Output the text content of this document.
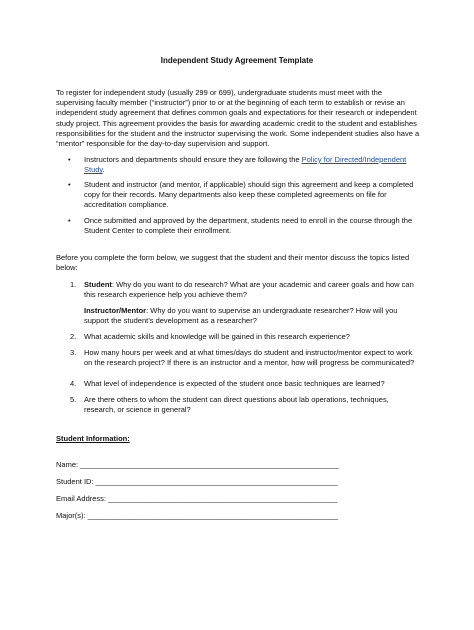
Independent Study Agreement Template

To register for independent study (usually 299 or 699), undergraduate students must meet with the supervising faculty member (“instructor”) prior to or at the beginning of each term to establish or revise an independent study agreement that defines common goals and expectations for their research or independent study project. This agreement provides the basis for awarding academic credit to the student and establishes responsibilities for the student and the instructor supervising the work. Some independent studies also have a “mentor” responsible for the day-to-day supervision and support.

• Instructors and departments should ensure they are following the Policy for Directed/Independent Study.
• Student and instructor (and mentor, if applicable) should sign this agreement and keep a completed copy for their records. Many departments also keep these completed agreements on file for accreditation compliance.
• Once submitted and approved by the department, students need to enroll in the course through the Student Center to complete their enrollment.

Before you complete the form below, we suggest that the student and their mentor discuss the topics listed below:

1. Student: Why do you want to do research? What are your academic and career goals and how can this research experience help you achieve them?
Instructor/Mentor: Why do you want to supervise an undergraduate researcher? How will you support the student’s development as a researcher?
2. What academic skills and knowledge will be gained in this research experience?
3. How many hours per week and at what times/days do student and instructor/mentor expect to work on the research project? If there is an instructor and a mentor, how will progress be communicated?
4. What level of independence is expected of the student once basic techniques are learned?
5. Are there others to whom the student can direct questions about lab operations, techniques, research, or science in general?
Student Information:
Name: ______________________________________________________________
Student ID: __________________________________________________________
Email Address: _______________________________________________________
Major(s): ____________________________________________________________
